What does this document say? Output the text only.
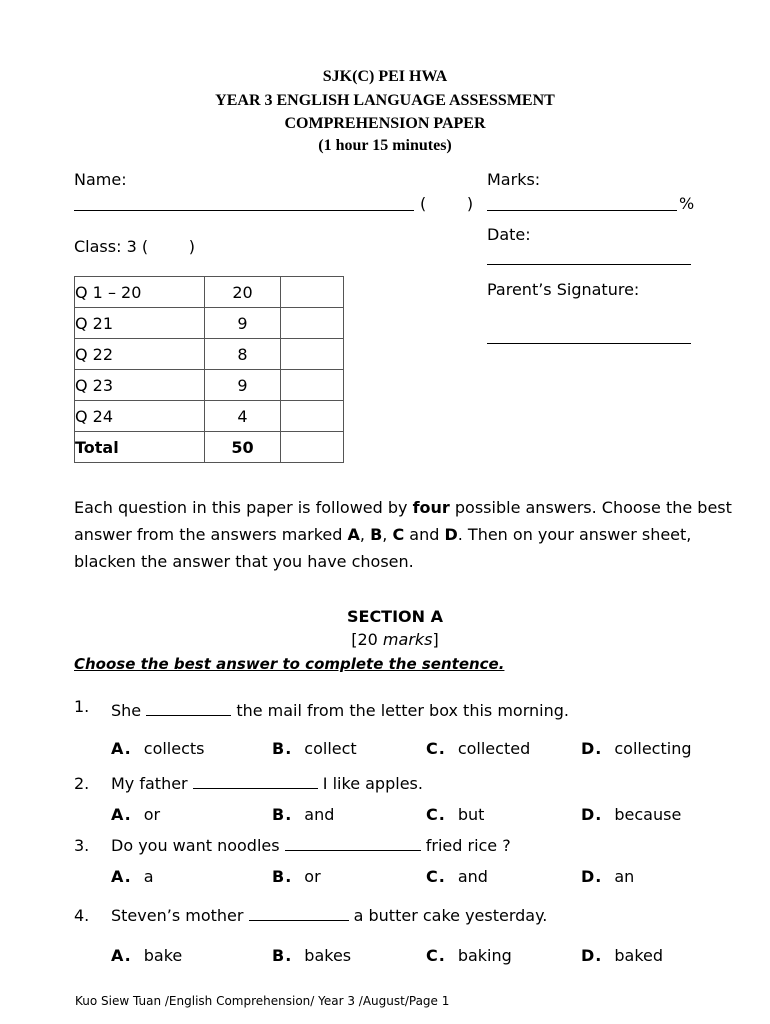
SJK(C) PEI HWA
YEAR 3 ENGLISH LANGUAGE ASSESSMENT
COMPREHENSION PAPER
(1 hour 15 minutes)
Name:
(        )
Class: 3 (        )
Marks:
%
Date:
Parent’s Signature:
Q 1 – 20	20	
Q 21	9	
Q 22	8	
Q 23	9	
Q 24	4	
Total	50	
Each question in this paper is followed by four possible answers. Choose the best answer from the answers marked A, B, C and D. Then on your answer sheet, blacken the answer that you have chosen.
SECTION A
[20 marks]
Choose the best answer to complete the sentence.
1. She	the mail from the letter box this morning.
A. collects	B. collect	C. collected	D. collecting
2. My father	I like apples.
A. or	B. and	C. but	D. because
3. Do you want noodles	fried rice ?
A. a	B. or	C. and	D. an
4. Steven’s mother	a butter cake yesterday.
A. bake	B. bakes	C. baking	D. baked
Kuo Siew Tuan /English Comprehension/ Year 3 /August/Page 1
